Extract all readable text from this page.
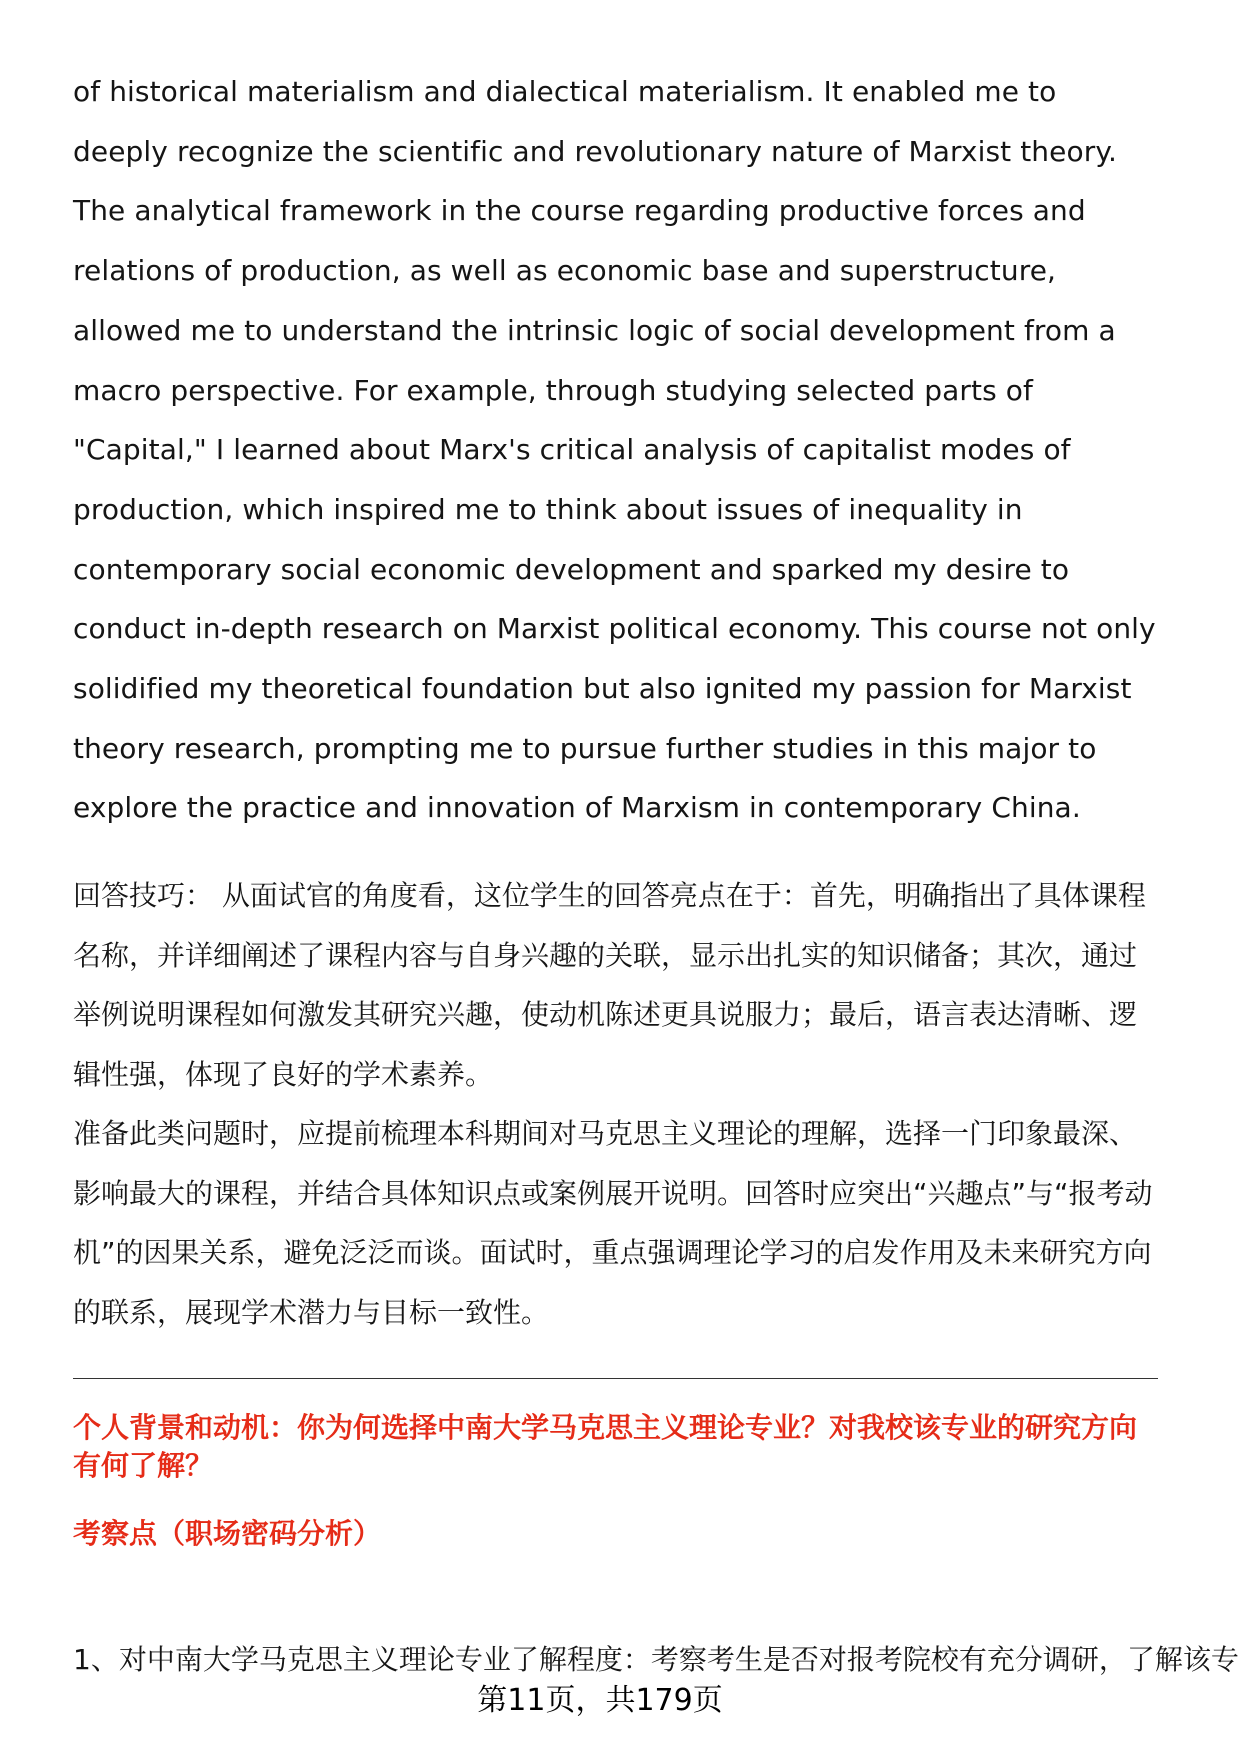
of historical materialism and dialectical materialism. It enabled me to deeply recognize the scientific and revolutionary nature of Marxist theory. The analytical framework in the course regarding productive forces and relations of production, as well as economic base and superstructure, allowed me to understand the intrinsic logic of social development from a macro perspective. For example, through studying selected parts of "Capital," I learned about Marx's critical analysis of capitalist modes of production, which inspired me to think about issues of inequality in contemporary social economic development and sparked my desire to conduct in-depth research on Marxist political economy. This course not only solidified my theoretical foundation but also ignited my passion for Marxist theory research, prompting me to pursue further studies in this major to explore the practice and innovation of Marxism in contemporary China.

回答技巧： 从面试官的角度看，这位学生的回答亮点在于：首先，明确指出了具体课程名称，并详细阐述了课程内容与自身兴趣的关联，显示出扎实的知识储备；其次，通过举例说明课程如何激发其研究兴趣，使动机陈述更具说服力；最后，语言表达清晰、逻辑性强，体现了良好的学术素养。

准备此类问题时，应提前梳理本科期间对马克思主义理论的理解，选择一门印象最深、影响最大的课程，并结合具体知识点或案例展开说明。回答时应突出“兴趣点”与“报考动机”的因果关系，避免泛泛而谈。面试时，重点强调理论学习的启发作用及未来研究方向的联系，展现学术潜力与目标一致性。

个人背景和动机：你为何选择中南大学马克思主义理论专业？对我校该专业的研究方向有何了解？

考察点（职场密码分析）

1、对中南大学马克思主义理论专业了解程度：考察考生是否对报考院校有充分调研，了解该专
第11页，共179页
